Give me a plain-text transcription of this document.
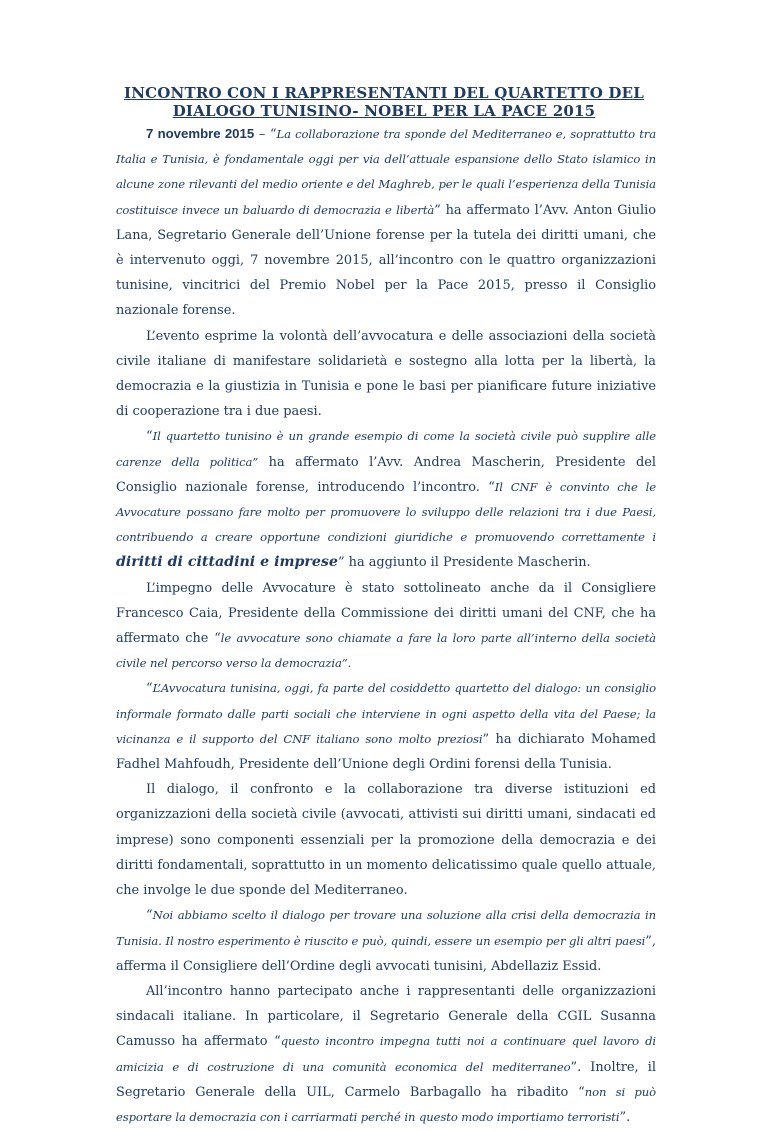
INCONTRO CON I RAPPRESENTANTI DEL QUARTETTO DEL
DIALOGO TUNISINO- NOBEL PER LA PACE 2015

7 novembre 2015 – “La collaborazione tra sponde del Mediterraneo e, soprattutto tra Italia e Tunisia, è fondamentale oggi per via dell’attuale espansione dello Stato islamico in alcune zone rilevanti del medio oriente e del Maghreb, per le quali l’esperienza della Tunisia costituisce invece un baluardo di democrazia e libertà” ha affermato l’Avv. Anton Giulio Lana, Segretario Generale dell’Unione forense per la tutela dei diritti umani, che è intervenuto oggi, 7 novembre 2015, all’incontro con le quattro organizzazioni tunisine, vincitrici del Premio Nobel per la Pace 2015, presso il Consiglio nazionale forense.

L’evento esprime la volontà dell’avvocatura e delle associazioni della società civile italiane di manifestare solidarietà e sostegno alla lotta per la libertà, la democrazia e la giustizia in Tunisia e pone le basi per pianificare future iniziative di cooperazione tra i due paesi.

“Il quartetto tunisino è un grande esempio di come la società civile può supplire alle carenze della politica” ha affermato l’Avv. Andrea Mascherin, Presidente del Consiglio nazionale forense, introducendo l’incontro. “Il CNF è convinto che le Avvocature possano fare molto per promuovere lo sviluppo delle relazioni tra i due Paesi, contribuendo a creare opportune condizioni giuridiche e promuovendo correttamente i diritti di cittadini e imprese” ha aggiunto il Presidente Mascherin.

L’impegno delle Avvocature è stato sottolineato anche da il Consigliere Francesco Caia, Presidente della Commissione dei diritti umani del CNF, che ha affermato che “le avvocature sono chiamate a fare la loro parte all’interno della società civile nel percorso verso la democrazia”.

“L’Avvocatura tunisina, oggi, fa parte del cosiddetto quartetto del dialogo: un consiglio informale formato dalle parti sociali che interviene in ogni aspetto della vita del Paese; la vicinanza e il supporto del CNF italiano sono molto preziosi” ha dichiarato Mohamed Fadhel Mahfoudh, Presidente dell’Unione degli Ordini forensi della Tunisia.

Il dialogo, il confronto e la collaborazione tra diverse istituzioni ed organizzazioni della società civile (avvocati, attivisti sui diritti umani, sindacati ed imprese) sono componenti essenziali per la promozione della democrazia e dei diritti fondamentali, soprattutto in un momento delicatissimo quale quello attuale, che involge le due sponde del Mediterraneo.

“Noi abbiamo scelto il dialogo per trovare una soluzione alla crisi della democrazia in Tunisia. Il nostro esperimento è riuscito e può, quindi, essere un esempio per gli altri paesi”, afferma il Consigliere dell’Ordine degli avvocati tunisini, Abdellaziz Essid.

All’incontro hanno partecipato anche i rappresentanti delle organizzazioni sindacali italiane. In particolare, il Segretario Generale della CGIL Susanna Camusso ha affermato “questo incontro impegna tutti noi a continuare quel lavoro di amicizia e di costruzione di una comunità economica del mediterraneo”. Inoltre, il Segretario Generale della UIL, Carmelo Barbagallo ha ribadito “non si può esportare la democrazia con i carriarmati perché in questo modo importiamo terroristi”.
